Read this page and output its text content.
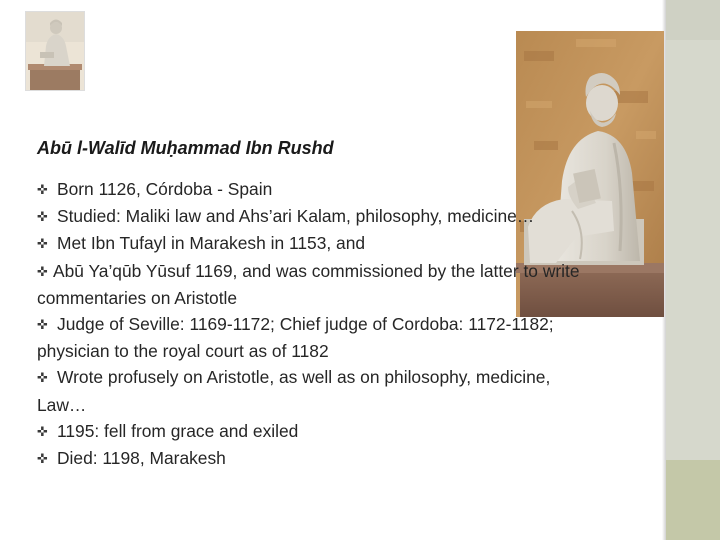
Abū l-Walīd Muḥammad Ibn Rushd
✜ Born 1126, Córdoba - Spain
✜ Studied: Maliki law and Ahs’ari Kalam, philosophy, medicine…
✜ Met Ibn Tufayl in Marakesh in 1153, and
✜ Abū Ya’qūb Yūsuf 1169, and was commissioned by the latter to write commentaries on Aristotle
✜ Judge of Seville: 1169-1172; Chief judge of Cordoba: 1172-1182; physician to the royal court as of 1182
✜ Wrote profusely on Aristotle, as well as on philosophy, medicine, Law…
✜ 1195: fell from grace and exiled
✜ Died: 1198, Marakesh
